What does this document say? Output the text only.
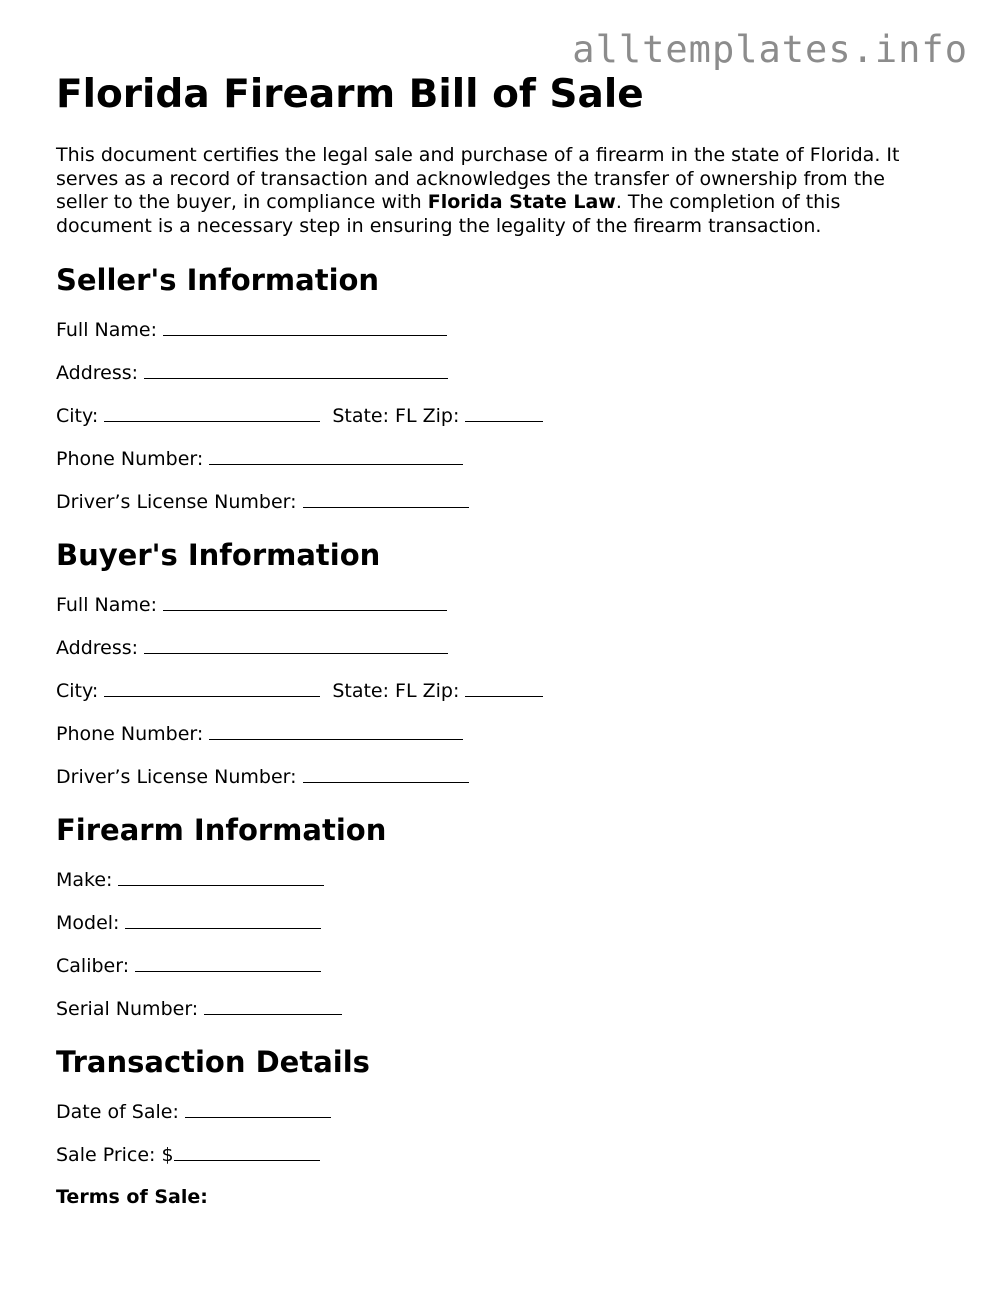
alltemplates.info
Florida Firearm Bill of Sale

This document certifies the legal sale and purchase of a firearm in the state of Florida. It serves as a record of transaction and acknowledges the transfer of ownership from the seller to the buyer, in compliance with Florida State Law. The completion of this document is a necessary step in ensuring the legality of the firearm transaction.

Seller's Information
Full Name:
Address:
City:	State: FL Zip:
Phone Number:
Driver’s License Number:
Buyer's Information
Full Name:
Address:
City:	State: FL Zip:
Phone Number:
Driver’s License Number:
Firearm Information
Make:
Model:
Caliber:
Serial Number:
Transaction Details
Date of Sale:
Sale Price: $
Terms of Sale:
